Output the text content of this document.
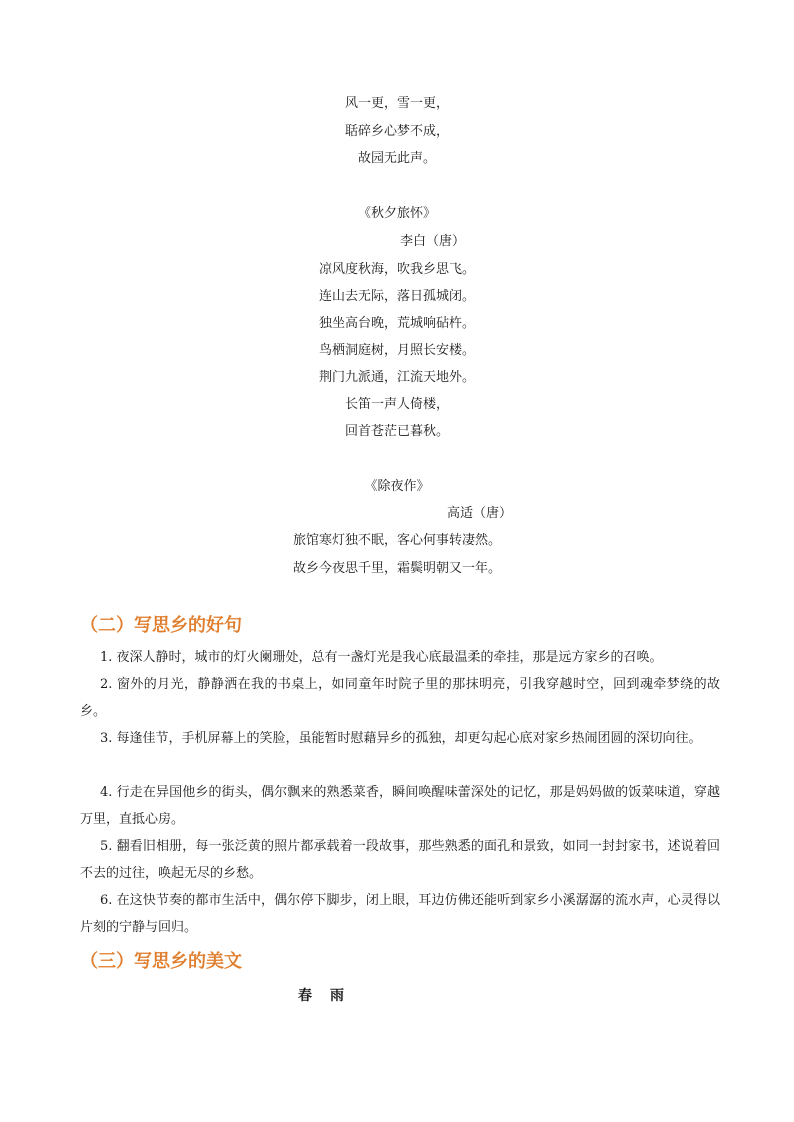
风一更，雪一更，
聒碎乡心梦不成，
故园无此声。
《秋夕旅怀》
李白（唐）
凉风度秋海，吹我乡思飞。
连山去无际，落日孤城闭。
独坐高台晚，荒城响砧杵。
鸟栖洞庭树，月照长安楼。
荆门九派通，江流天地外。
长笛一声人倚楼，
回首苍茫已暮秋。
《除夜作》
高适（唐）
旅馆寒灯独不眠，客心何事转凄然。
故乡今夜思千里，霜鬓明朝又一年。
（二）写思乡的好句
1. 夜深人静时，城市的灯火阑珊处，总有一盏灯光是我心底最温柔的牵挂，那是远方家乡的召唤。
2. 窗外的月光，静静洒在我的书桌上，如同童年时院子里的那抹明亮，引我穿越时空，回到魂牵梦绕的故乡。
3. 每逢佳节，手机屏幕上的笑脸，虽能暂时慰藉异乡的孤独，却更勾起心底对家乡热闹团圆的深切向往。
4. 行走在异国他乡的街头，偶尔飘来的熟悉菜香，瞬间唤醒味蕾深处的记忆，那是妈妈做的饭菜味道，穿越万里，直抵心房。
5. 翻看旧相册，每一张泛黄的照片都承载着一段故事，那些熟悉的面孔和景致，如同一封封家书，述说着回不去的过往，唤起无尽的乡愁。
6. 在这快节奏的都市生活中，偶尔停下脚步，闭上眼，耳边仿佛还能听到家乡小溪潺潺的流水声，心灵得以片刻的宁静与回归。
（三）写思乡的美文
春雨
